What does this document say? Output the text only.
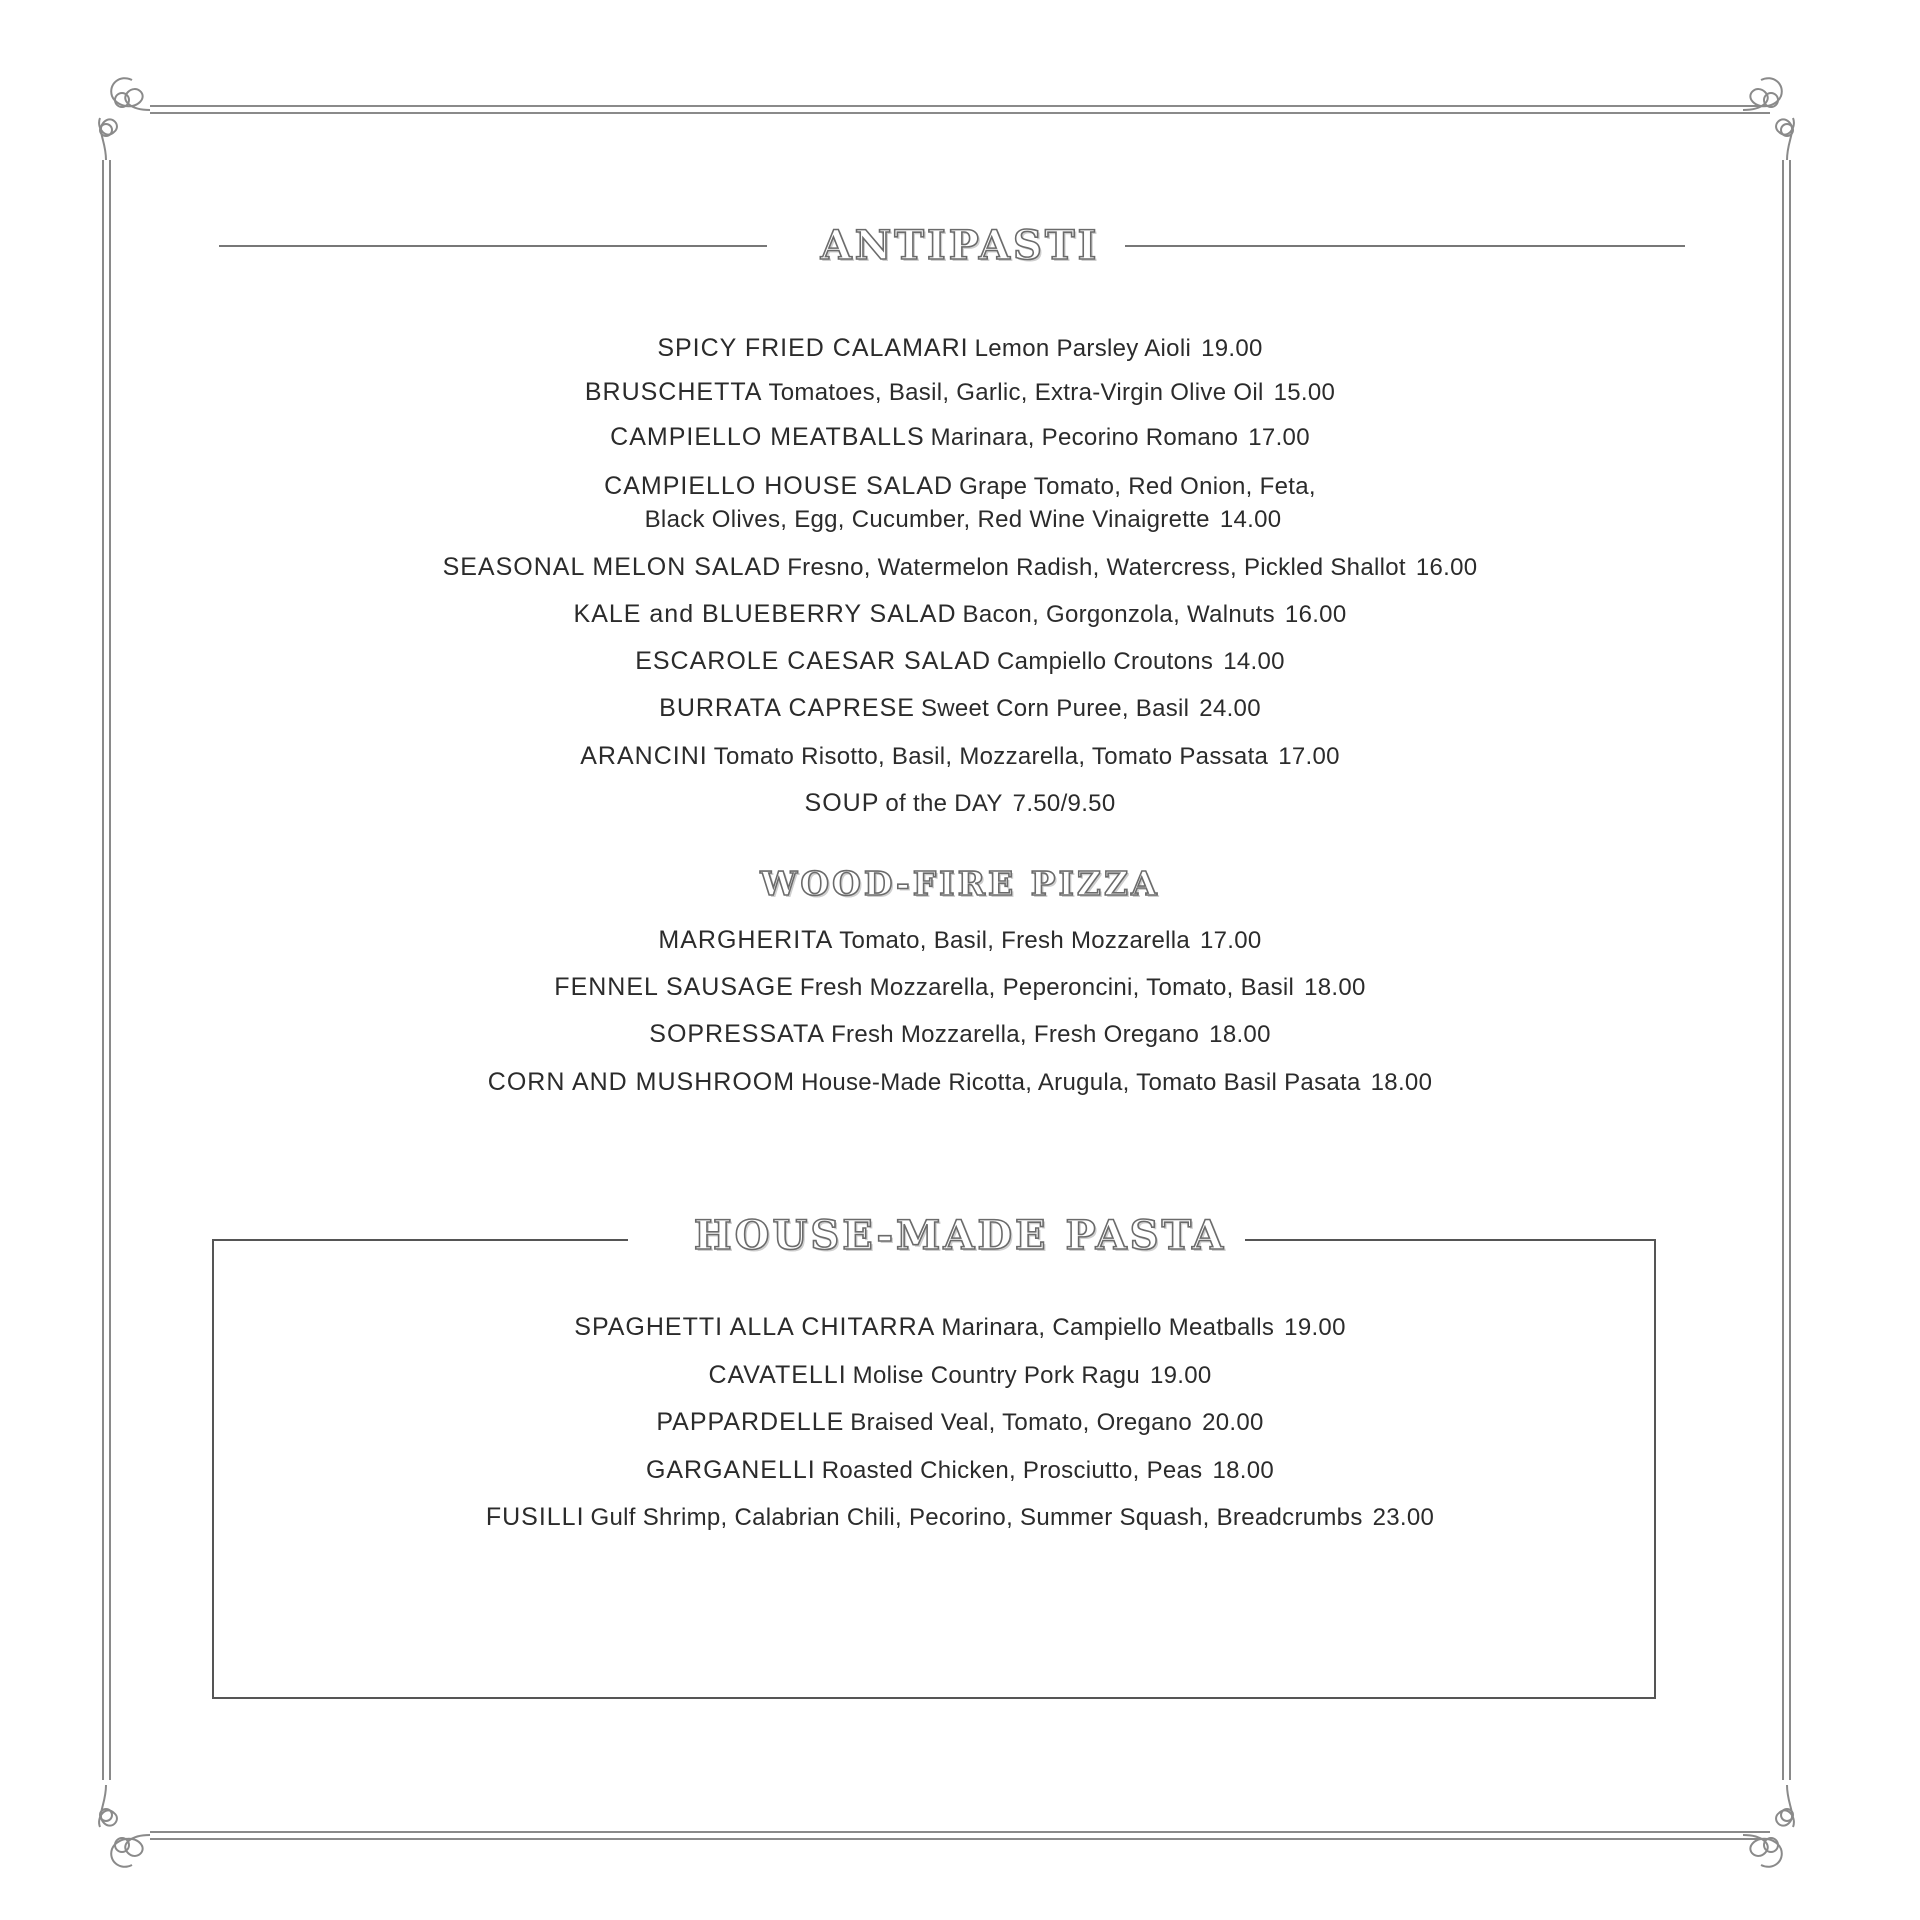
ANTIPASTI
WOOD-FIRE PIZZA
HOUSE-MADE PASTA
SPICY FRIED CALAMARI Lemon Parsley Aioli 19.00
BRUSCHETTA Tomatoes, Basil, Garlic, Extra-Virgin Olive Oil 15.00
CAMPIELLO MEATBALLS Marinara, Pecorino Romano 17.00
CAMPIELLO HOUSE SALAD Grape Tomato, Red Onion, Feta,
Black Olives, Egg, Cucumber, Red Wine Vinaigrette 14.00
SEASONAL MELON SALAD Fresno, Watermelon Radish, Watercress, Pickled Shallot 16.00
KALE and BLUEBERRY SALAD Bacon, Gorgonzola, Walnuts 16.00
ESCAROLE CAESAR SALAD Campiello Croutons 14.00
BURRATA CAPRESE Sweet Corn Puree, Basil 24.00
ARANCINI Tomato Risotto, Basil, Mozzarella, Tomato Passata 17.00
SOUP of the DAY 7.50/9.50
MARGHERITA Tomato, Basil, Fresh Mozzarella 17.00
FENNEL SAUSAGE Fresh Mozzarella, Peperoncini, Tomato, Basil 18.00
SOPRESSATA Fresh Mozzarella, Fresh Oregano 18.00
CORN AND MUSHROOM House-Made Ricotta, Arugula, Tomato Basil Pasata 18.00
SPAGHETTI ALLA CHITARRA Marinara, Campiello Meatballs 19.00
CAVATELLI Molise Country Pork Ragu 19.00
PAPPARDELLE Braised Veal, Tomato, Oregano 20.00
GARGANELLI Roasted Chicken, Prosciutto, Peas 18.00
FUSILLI Gulf Shrimp, Calabrian Chili, Pecorino, Summer Squash, Breadcrumbs 23.00
